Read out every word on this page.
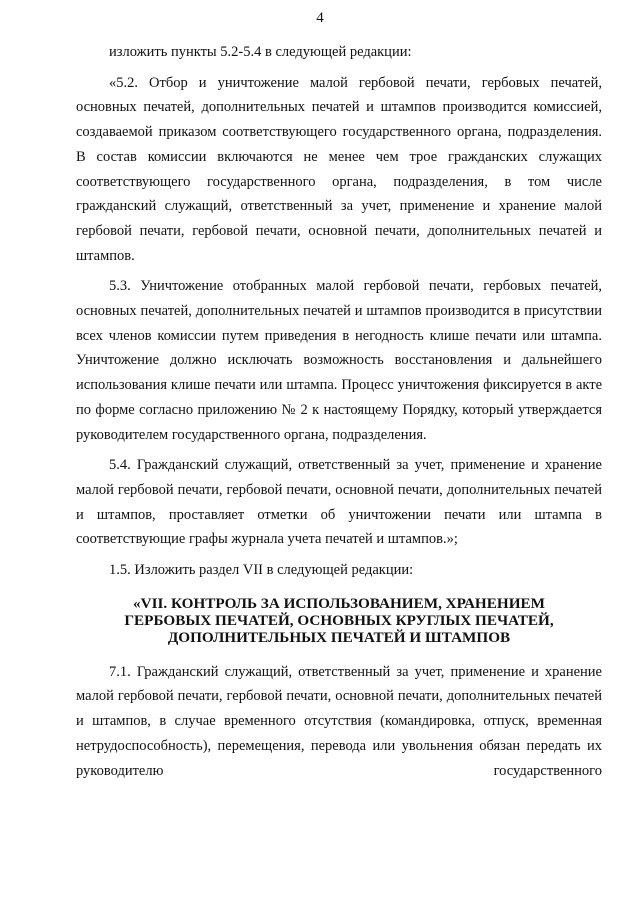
4

изложить пункты 5.2-5.4 в следующей редакции:

«5.2. Отбор и уничтожение малой гербовой печати, гербовых печатей, основных печатей, дополнительных печатей и штампов производится комиссией, создаваемой приказом соответствующего государственного органа, подразделения. В состав комиссии включаются не менее чем трое гражданских служащих соответствующего государственного органа, подразделения, в том числе гражданский служащий, ответственный за учет, применение и хранение малой гербовой печати, гербовой печати, основной печати, дополнительных печатей и штампов.

5.3. Уничтожение отобранных малой гербовой печати, гербовых печатей, основных печатей, дополнительных печатей и штампов производится в присутствии всех членов комиссии путем приведения в негодность клише печати или штампа. Уничтожение должно исключать возможность восстановления и дальнейшего использования клише печати или штампа. Процесс уничтожения фиксируется в акте по форме согласно приложению № 2 к настоящему Порядку, который утверждается руководителем государственного органа, подразделения.

5.4. Гражданский служащий, ответственный за учет, применение и хранение малой гербовой печати, гербовой печати, основной печати, дополнительных печатей и штампов, проставляет отметки об уничтожении печати или штампа в соответствующие графы журнала учета печатей и штампов.»;

1.5. Изложить раздел VII в следующей редакции:

«VII. КОНТРОЛЬ ЗА ИСПОЛЬЗОВАНИЕМ, ХРАНЕНИЕМ
ГЕРБОВЫХ ПЕЧАТЕЙ, ОСНОВНЫХ КРУГЛЫХ ПЕЧАТЕЙ,
ДОПОЛНИТЕЛЬНЫХ ПЕЧАТЕЙ И ШТАМПОВ

7.1. Гражданский служащий, ответственный за учет, применение и хранение малой гербовой печати, гербовой печати, основной печати, дополнительных печатей и штампов, в случае временного отсутствия (командировка, отпуск, временная нетрудоспособность), перемещения, перевода или увольнения обязан передать их руководителю государственного
